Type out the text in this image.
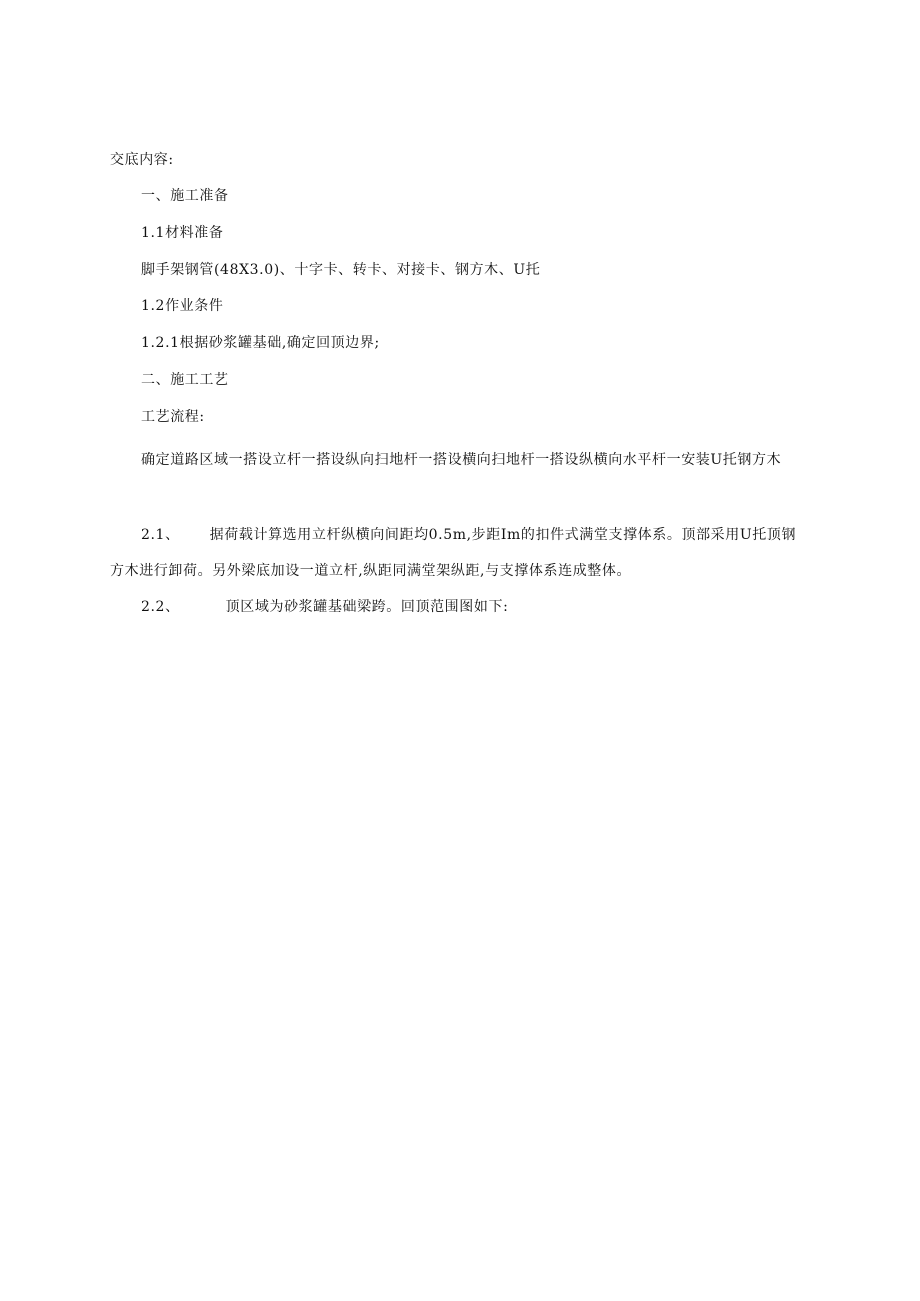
交底内容:
一、施工准备
1.1材料准备
脚手架钢管(48X3.0)、十字卡、转卡、对接卡、钢方木、U托
1.2作业条件
1.2.1根据砂浆罐基础,确定回顶边界;
二、施工工艺
工艺流程:
确定道路区域一搭设立杆一搭设纵向扫地杆一搭设横向扫地杆一搭设纵横向水平杆一安装U托钢方木
2.1、 据荷载计算选用立杆纵横向间距均0.5m,步距Im的扣件式满堂支撑体系。顶部采用U托顶钢方木进行卸荷。另外梁底加设一道立杆,纵距同满堂架纵距,与支撑体系连成整体。
2.2、	顶区域为砂浆罐基础梁跨。回顶范围图如下:
